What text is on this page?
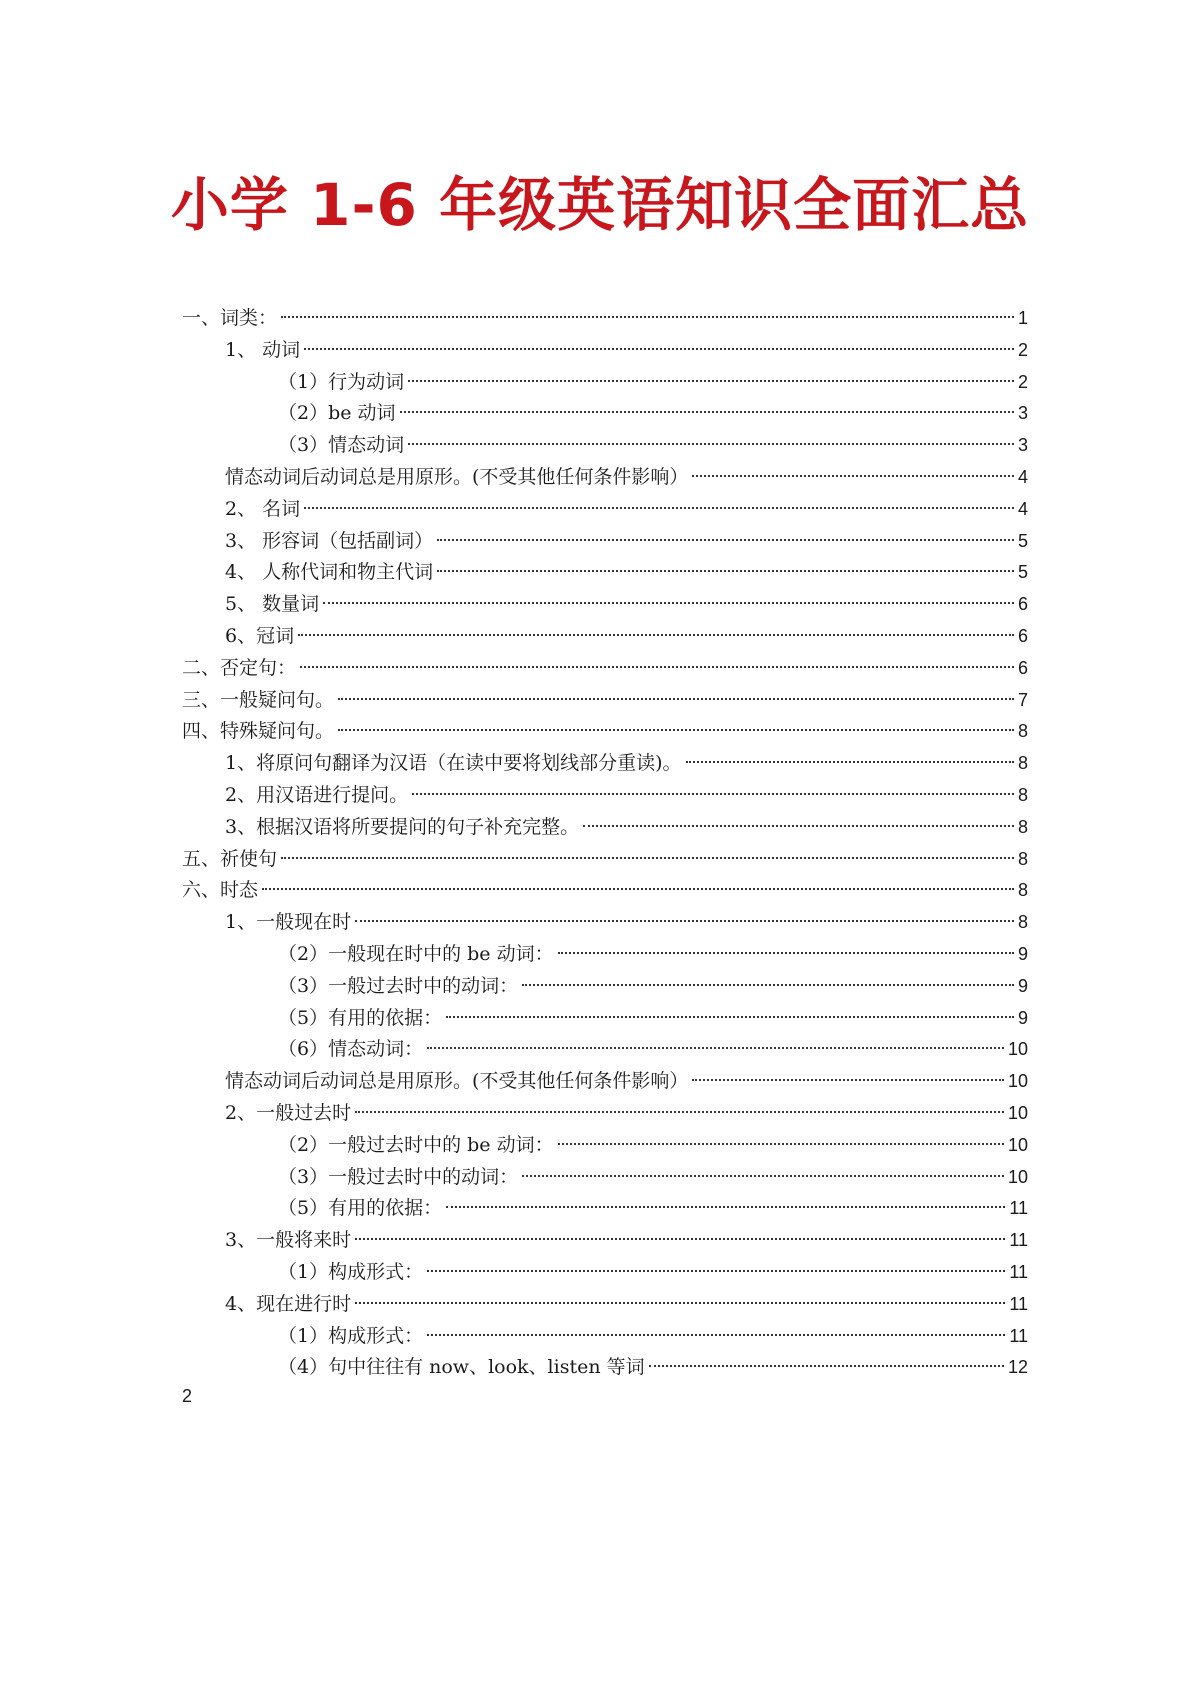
小学 1-6 年级英语知识全面汇总
一、词类：	1
1、 动词	2
（1）行为动词	2
（2）be 动词	3
（3）情态动词	3
情态动词后动词总是用原形。(不受其他任何条件影响）	4
2、 名词	4
3、 形容词（包括副词）	5
4、 人称代词和物主代词	5
5、 数量词	6
6、冠词	6
二、否定句：	6
三、一般疑问句。	7
四、特殊疑问句。	8
1、将原问句翻译为汉语（在读中要将划线部分重读)。	8
2、用汉语进行提问。	8
3、根据汉语将所要提问的句子补充完整。	8
五、祈使句	8
六、时态	8
1、一般现在时	8
（2）一般现在时中的 be 动词：	9
（3）一般过去时中的动词：	9
（5）有用的依据：	9
（6）情态动词：	10
情态动词后动词总是用原形。(不受其他任何条件影响）	10
2、一般过去时	10
（2）一般过去时中的 be 动词：	10
（3）一般过去时中的动词：	10
（5）有用的依据：	11
3、一般将来时	11
（1）构成形式：	11
4、现在进行时	11
（1）构成形式：	11
（4）句中往往有 now、look、listen 等词	12

2
